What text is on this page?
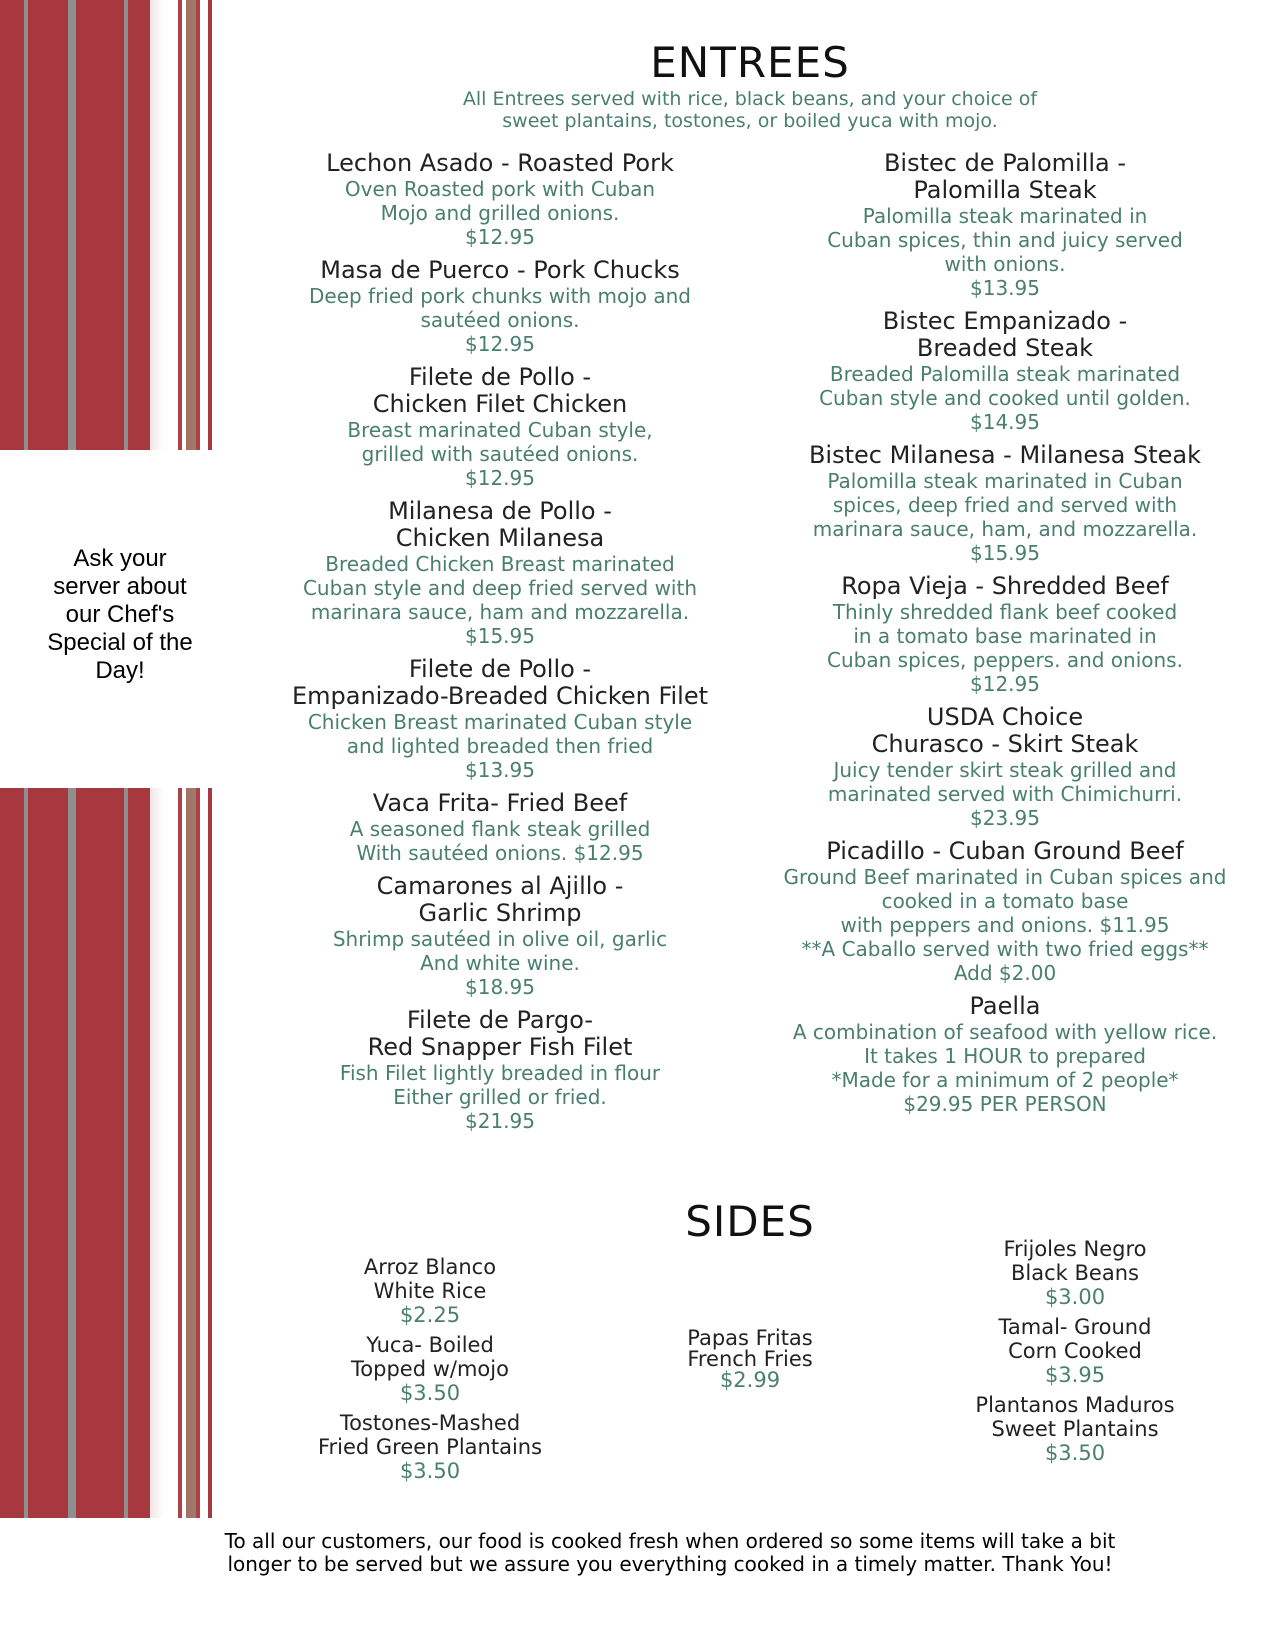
Ask your
server about
our Chef's
Special of the
Day!
ENTREES
All Entrees served with rice, black beans, and your choice of
sweet plantains, tostones, or boiled yuca with mojo.
Lechon Asado - Roasted Pork
Oven Roasted pork with Cuban
Mojo and grilled onions.
$12.95
Masa de Puerco - Pork Chucks
Deep fried pork chunks with mojo and
sautéed onions.
$12.95
Filete de Pollo -
Chicken Filet Chicken
Breast marinated Cuban style,
grilled with sautéed onions.
$12.95
Milanesa de Pollo -
Chicken Milanesa
Breaded Chicken Breast marinated
Cuban style and deep fried served with
marinara sauce, ham and mozzarella.
$15.95
Filete de Pollo -
Empanizado-Breaded Chicken Filet
Chicken Breast marinated Cuban style
and lighted breaded then fried
$13.95
Vaca Frita- Fried Beef
A seasoned flank steak grilled
With sautéed onions. $12.95
Camarones al Ajillo -
Garlic Shrimp
Shrimp sautéed in olive oil, garlic
And white wine.
$18.95
Filete de Pargo-
Red Snapper Fish Filet
Fish Filet lightly breaded in flour
Either grilled or fried.
$21.95
Bistec de Palomilla -
Palomilla Steak
Palomilla steak marinated in
Cuban spices, thin and juicy served
with onions.
$13.95
Bistec Empanizado -
Breaded Steak
Breaded Palomilla steak marinated
Cuban style and cooked until golden.
$14.95
Bistec Milanesa - Milanesa Steak
Palomilla steak marinated in Cuban
spices, deep fried and served with
marinara sauce, ham, and mozzarella.
$15.95
Ropa Vieja - Shredded Beef
Thinly shredded flank beef cooked
in a tomato base marinated in
Cuban spices, peppers. and onions.
$12.95
USDA Choice
Churasco - Skirt Steak
Juicy tender skirt steak grilled and
marinated served with Chimichurri.
$23.95
Picadillo - Cuban Ground Beef
Ground Beef marinated in Cuban spices and
cooked in a tomato base
with peppers and onions. $11.95
**A Caballo served with two fried eggs**
Add $2.00
Paella
A combination of seafood with yellow rice.
It takes 1 HOUR to prepared
*Made for a minimum of 2 people*
$29.95 PER PERSON
SIDES
Arroz Blanco
White Rice
$2.25
Yuca- Boiled
Topped w/mojo
$3.50
Tostones-Mashed
Fried Green Plantains
$3.50
Papas Fritas
French Fries
$2.99
Frijoles Negro
Black Beans
$3.00
Tamal- Ground
Corn Cooked
$3.95
Plantanos Maduros
Sweet Plantains
$3.50
To all our customers, our food is cooked fresh when ordered so some items will take a bit
longer to be served but we assure you everything cooked in a timely matter. Thank You!
